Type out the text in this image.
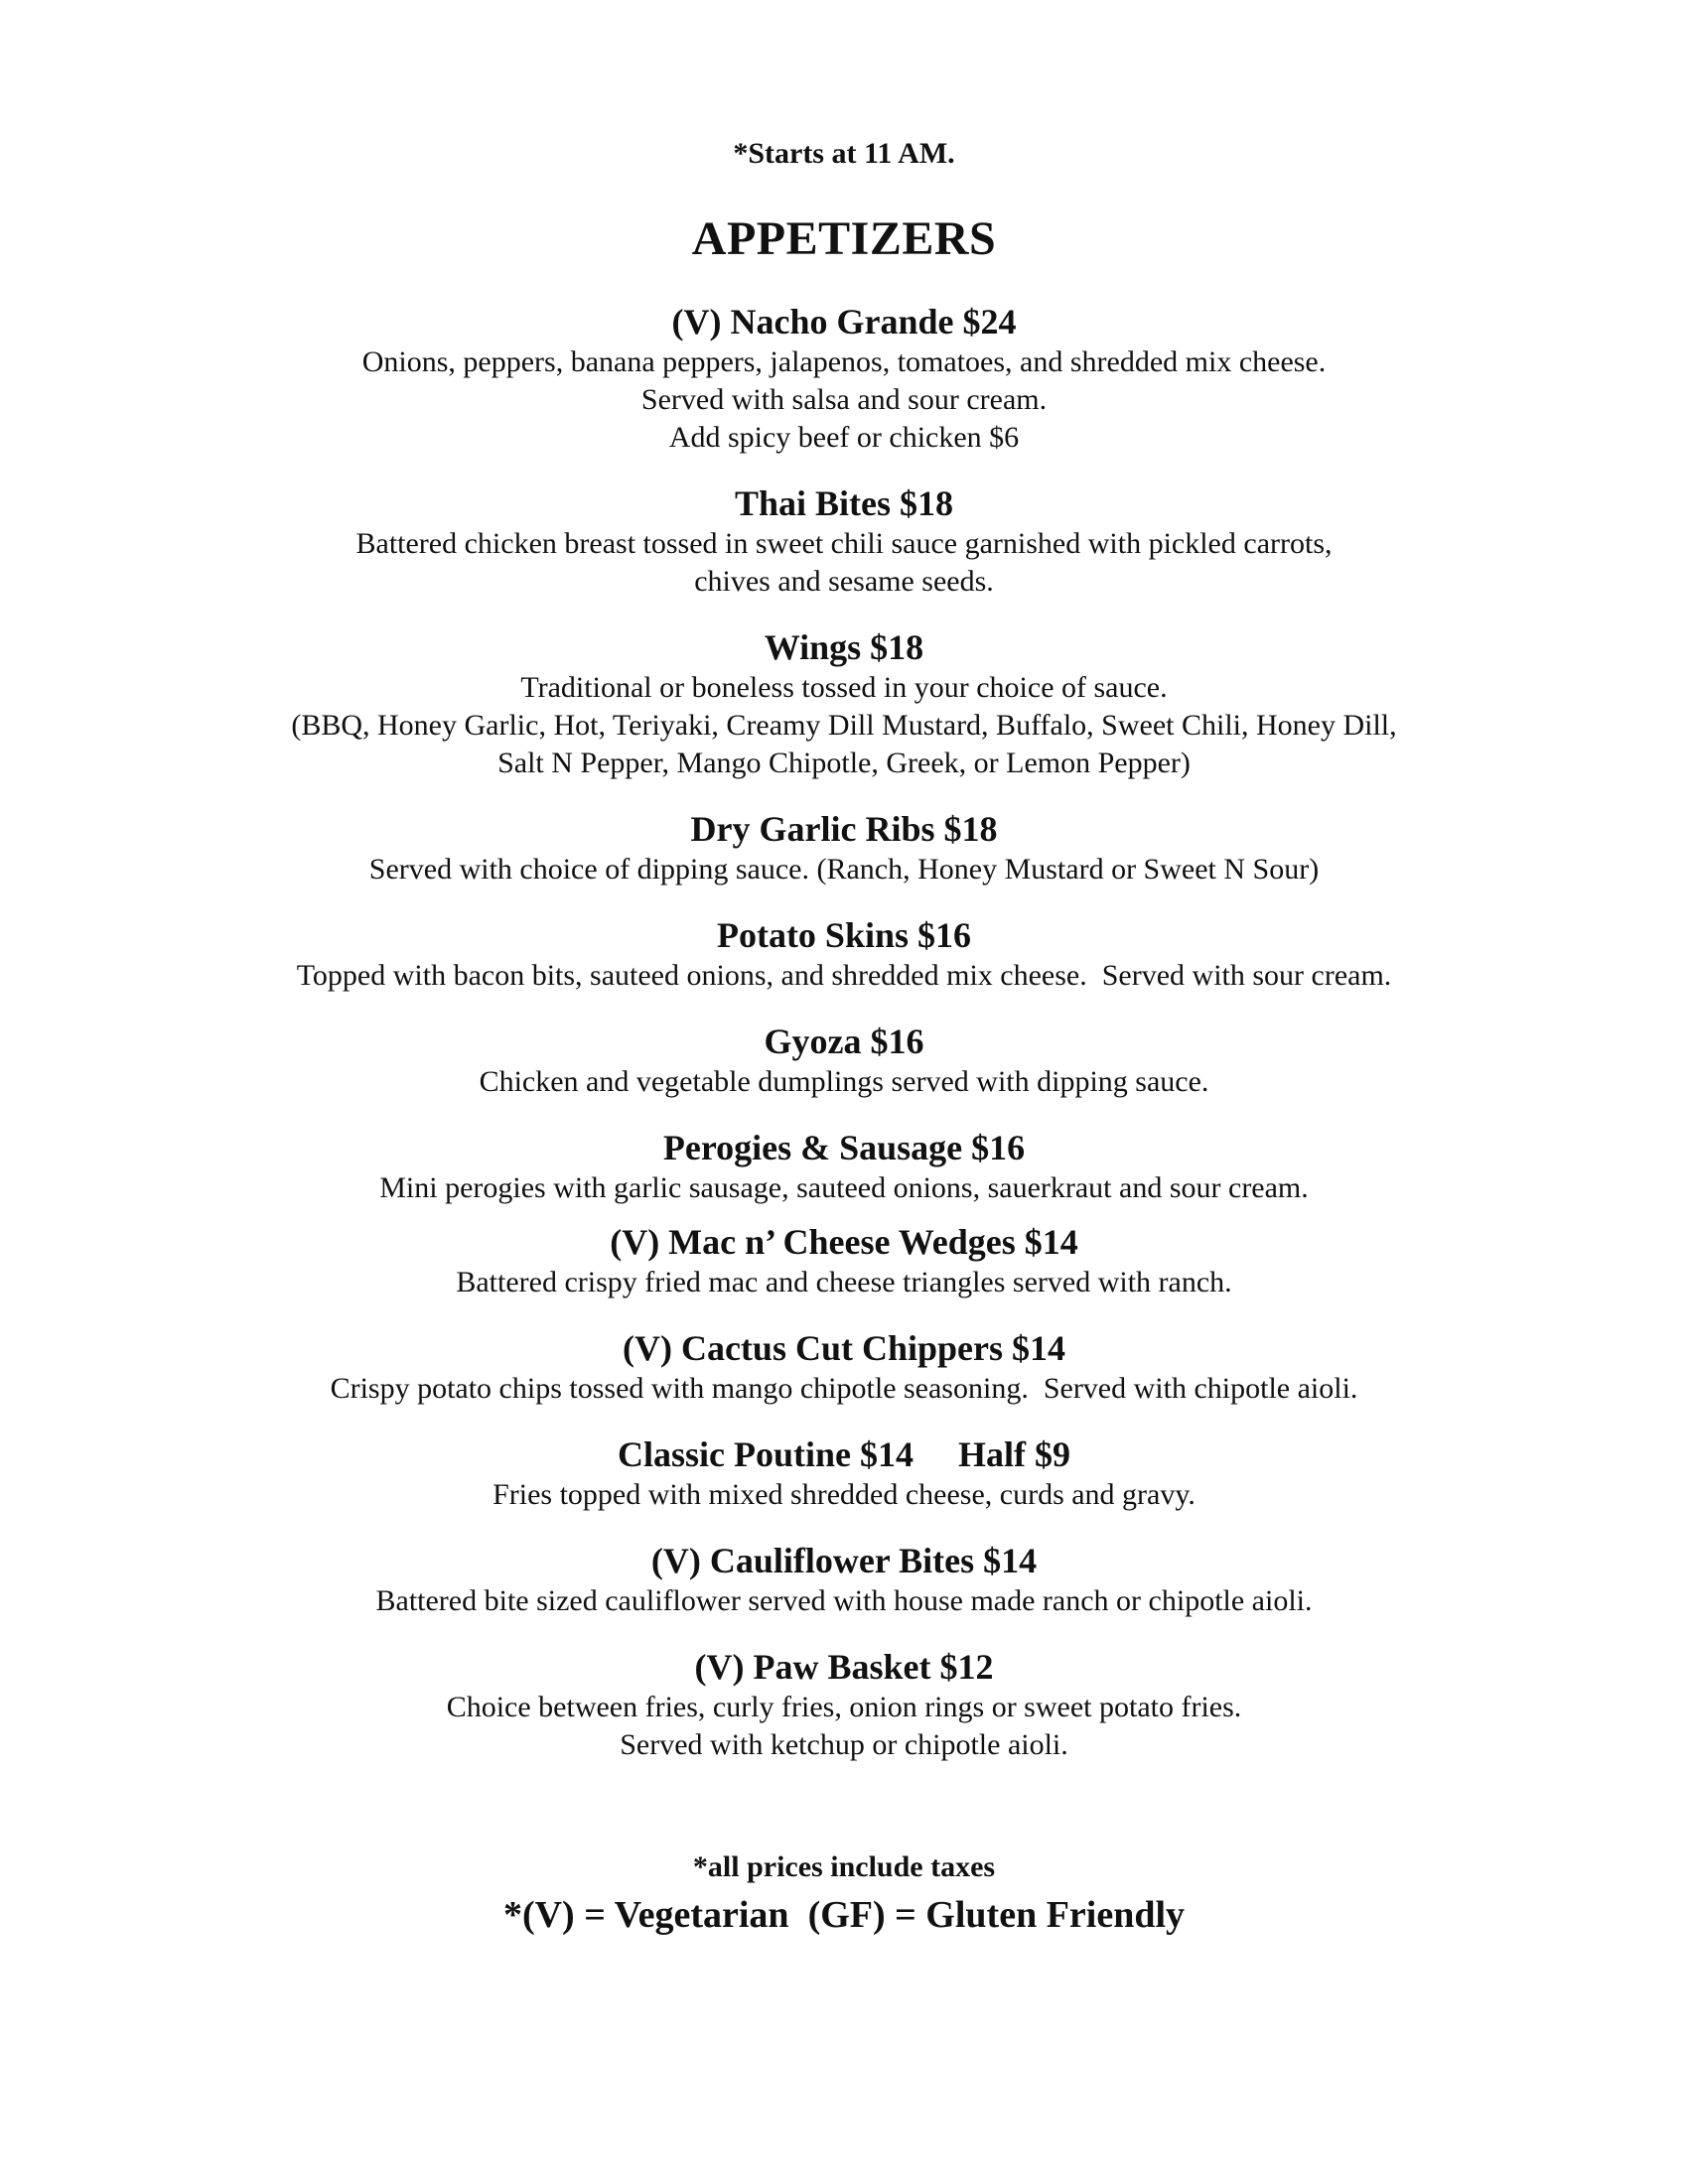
*Starts at 11 AM.
APPETIZERS
(V) Nacho Grande $24
Onions, peppers, banana peppers, jalapenos, tomatoes, and shredded mix cheese.
Served with salsa and sour cream.
Add spicy beef or chicken $6
Thai Bites $18
Battered chicken breast tossed in sweet chili sauce garnished with pickled carrots,
chives and sesame seeds.
Wings $18
Traditional or boneless tossed in your choice of sauce.
(BBQ, Honey Garlic, Hot, Teriyaki, Creamy Dill Mustard, Buffalo, Sweet Chili, Honey Dill,
Salt N Pepper, Mango Chipotle, Greek, or Lemon Pepper)
Dry Garlic Ribs $18
Served with choice of dipping sauce. (Ranch, Honey Mustard or Sweet N Sour)
Potato Skins $16
Topped with bacon bits, sauteed onions, and shredded mix cheese.  Served with sour cream.
Gyoza $16
Chicken and vegetable dumplings served with dipping sauce.
Perogies & Sausage $16
Mini perogies with garlic sausage, sauteed onions, sauerkraut and sour cream.
(V) Mac n’ Cheese Wedges $14
Battered crispy fried mac and cheese triangles served with ranch.
(V) Cactus Cut Chippers $14
Crispy potato chips tossed with mango chipotle seasoning.  Served with chipotle aioli.
Classic Poutine $14     Half $9
Fries topped with mixed shredded cheese, curds and gravy.
(V) Cauliflower Bites $14
Battered bite sized cauliflower served with house made ranch or chipotle aioli.
(V) Paw Basket $12
Choice between fries, curly fries, onion rings or sweet potato fries.
Served with ketchup or chipotle aioli.
*all prices include taxes
*(V) = Vegetarian  (GF) = Gluten Friendly
